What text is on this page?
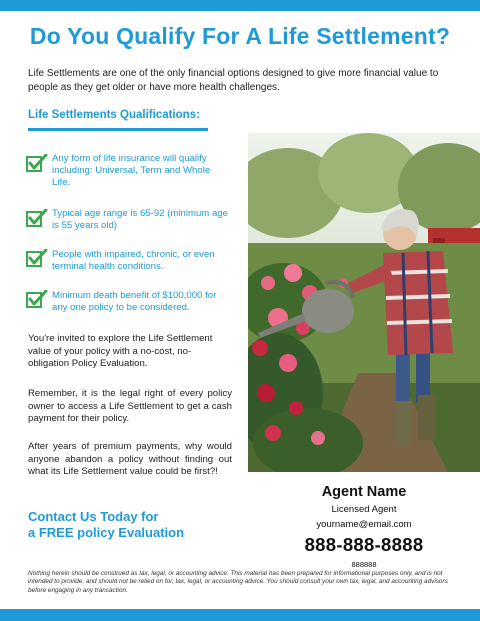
Do You Qualify For A Life Settlement?
Life Settlements are one of the only financial options designed to give more financial value to people as they get older or have more health challenges.
Life Settlements Qualifications:
Any form of life insurance will qualify including: Universal, Term and Whole Life.
Typical age range is 65-92 (minimum age is 55 years old)
People with impaired, chronic, or even terminal health conditions.
Minimum death benefit of $100,000 for any one policy to be considered.
You're invited to explore the Life Settlement value of your policy with a no-cost, no-obligation Policy Evaluation.
Remember, it is the legal right of every policy owner to access a Life Settlement to get a cash payment for their policy.
After years of premium payments, why would anyone abandon a policy without finding out what its Life Settlement value could be first?!
Contact Us Today for
a FREE policy Evaluation
Agent Name
Licensed Agent
yourname@email.com
888-888-8888
888888
Nothing herein should be construed as tax, legal, or accounting advice. This material has been prepared for informational purposes only, and is not intended to provide, and should not be relied on for, tax, legal, or accounting advice. You should consult your own tax, legal, and accounting advisors before engaging in any transaction.
